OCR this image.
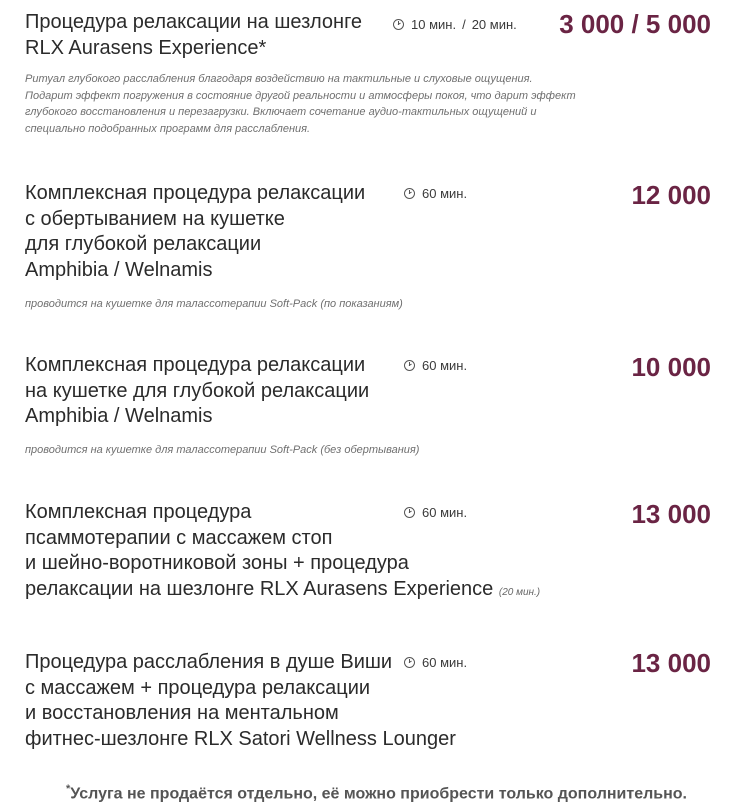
Процедура релаксации на шезлонге
RLX Aurasens Experience*
Ритуал глубокого расслабления благодаря воздействию на тактильные и слуховые ощущения. Подарит эффект погружения в состояние другой реальности и атмосферы покоя, что дарит эффект глубокого восстановления и перезагрузки. Включает сочетание аудио-тактильных ощущений и специально подобранных программ для расслабления.
10 мин. / 20 мин. 3 000 / 5 000
Комплексная процедура релаксации
с обертыванием на кушетке
для глубокой релаксации
Amphibia / Welnamis
проводится на кушетке для талассотерапии Soft-Pack (по показаниям)
60 мин.	12 000
Комплексная процедура релаксации
на кушетке для глубокой релаксации
Amphibia / Welnamis
проводится на кушетке для талассотерапии Soft-Pack (без обертывания)
60 мин.	10 000
Комплексная процедура
псаммотерапии с массажем стоп
и шейно-воротниковой зоны + процедура
релаксации на шезлонге RLX Aurasens Experience (20 мин.)
60 мин.	13 000
Процедура расслабления в душе Виши
с массажем + процедура релаксации
и восстановления на ментальном
фитнес-шезлонге RLX Satori Wellness Lounger
60 мин.	13 000
*Услуга не продаётся отдельно, её можно приобрести только дополнительно.
